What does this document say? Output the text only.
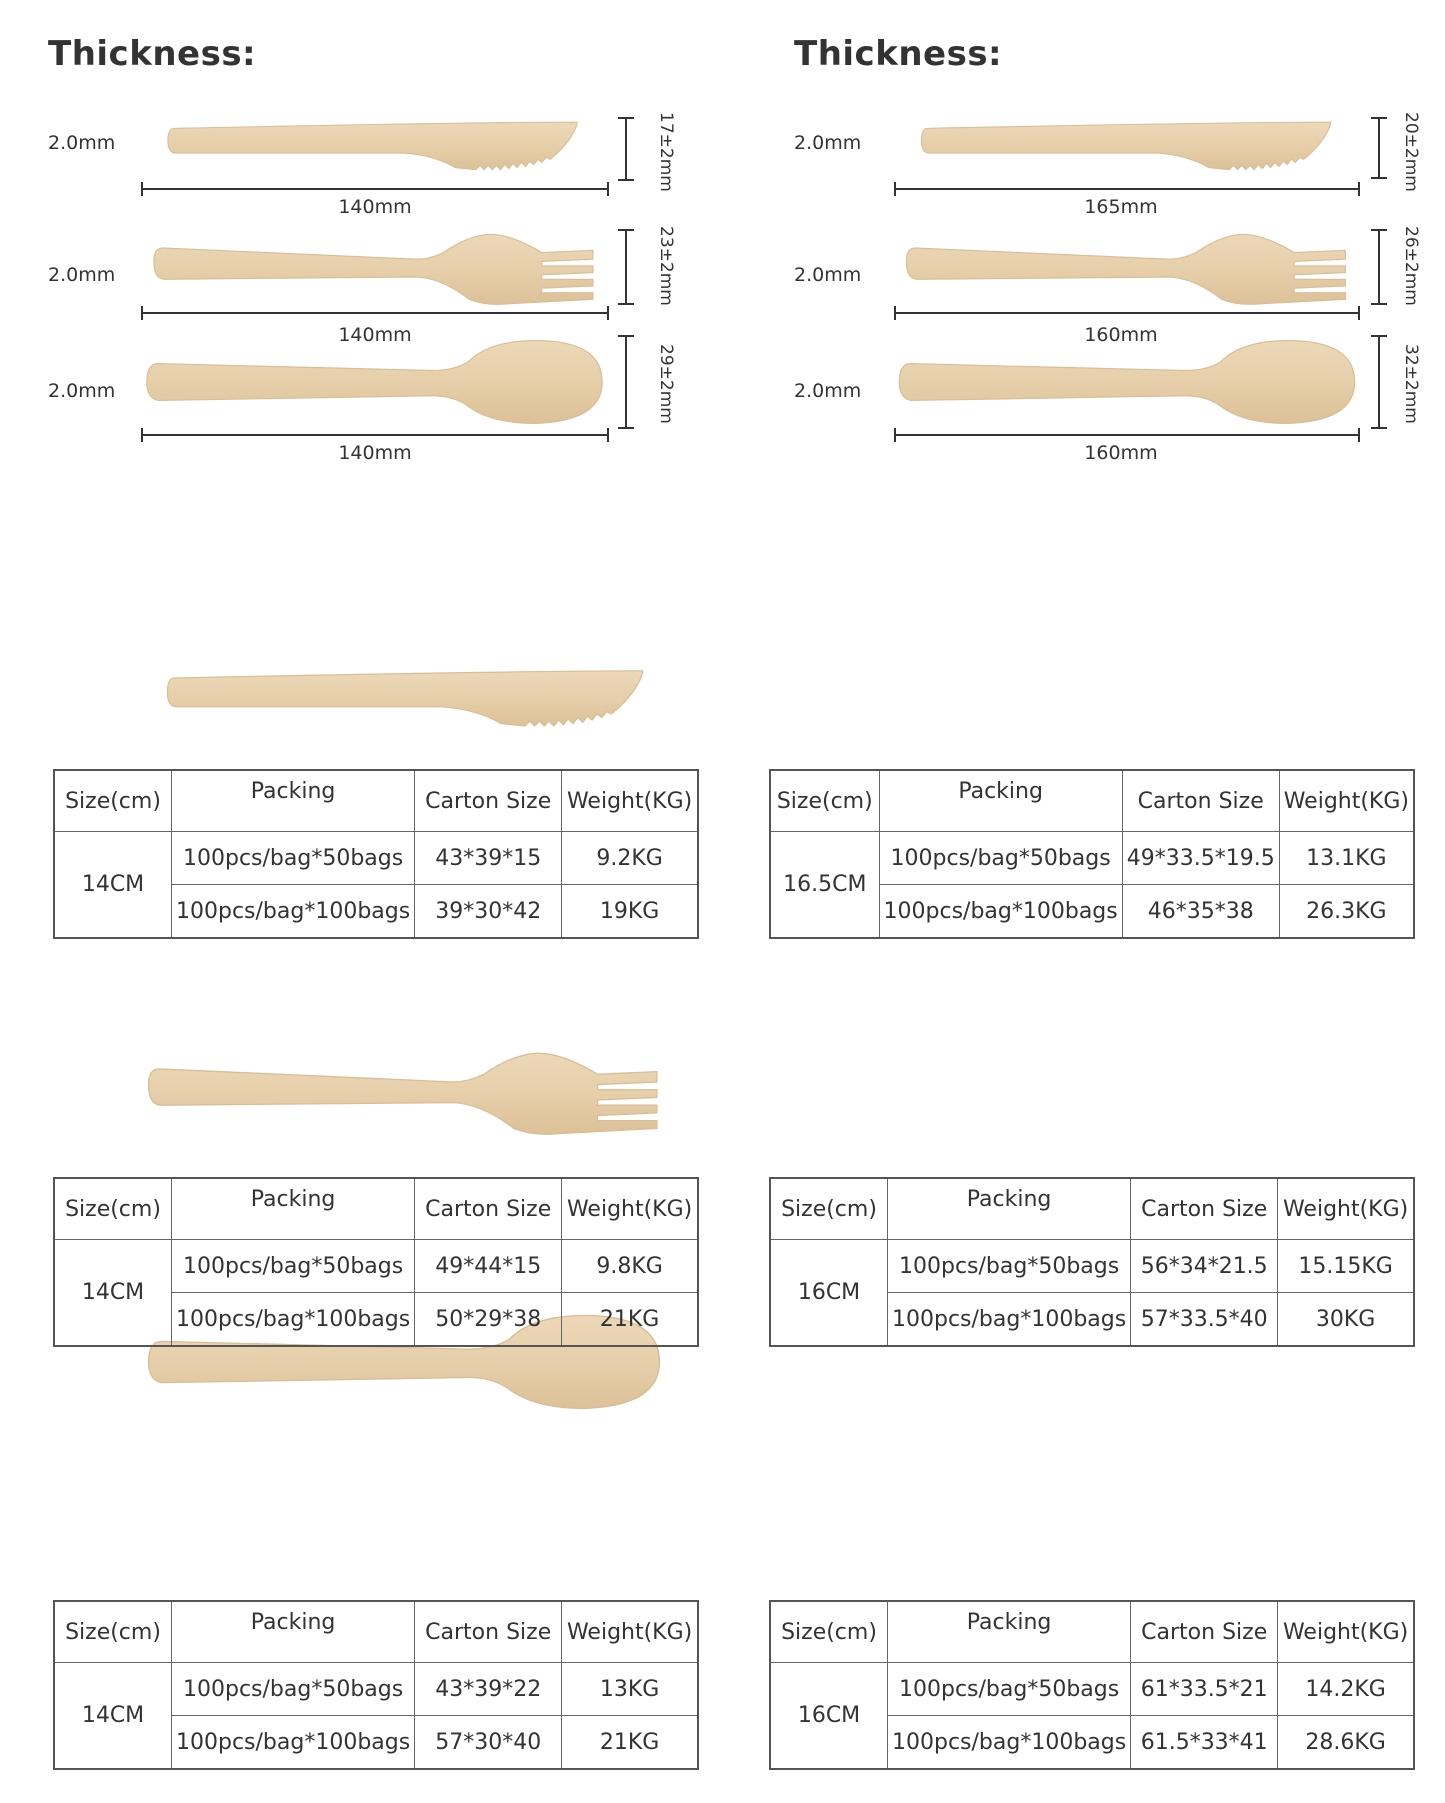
Thickness:
2.0mm
140mm
17±2mm
2.0mm
140mm
23±2mm
2.0mm
140mm
29±2mm
Thickness:
2.0mm
165mm
20±2mm
2.0mm
160mm
26±2mm
2.0mm
160mm
32±2mm
Size(cm)	Packing	Carton Size	Weight(KG)
14CM	100pcs/bag*50bags	43*39*15	9.2KG
	100pcs/bag*100bags	39*30*42	19KG
Size(cm)	Packing	Carton Size	Weight(KG)
16.5CM	100pcs/bag*50bags	49*33.5*19.5	13.1KG
	100pcs/bag*100bags	46*35*38	26.3KG
Size(cm)	Packing	Carton Size	Weight(KG)
14CM	100pcs/bag*50bags	49*44*15	9.8KG
	100pcs/bag*100bags	50*29*38	21KG
Size(cm)	Packing	Carton Size	Weight(KG)
16CM	100pcs/bag*50bags	56*34*21.5	15.15KG
	100pcs/bag*100bags	57*33.5*40	30KG
Size(cm)	Packing	Carton Size	Weight(KG)
14CM	100pcs/bag*50bags	43*39*22	13KG
	100pcs/bag*100bags	57*30*40	21KG
Size(cm)	Packing	Carton Size	Weight(KG)
16CM	100pcs/bag*50bags	61*33.5*21	14.2KG
	100pcs/bag*100bags	61.5*33*41	28.6KG
